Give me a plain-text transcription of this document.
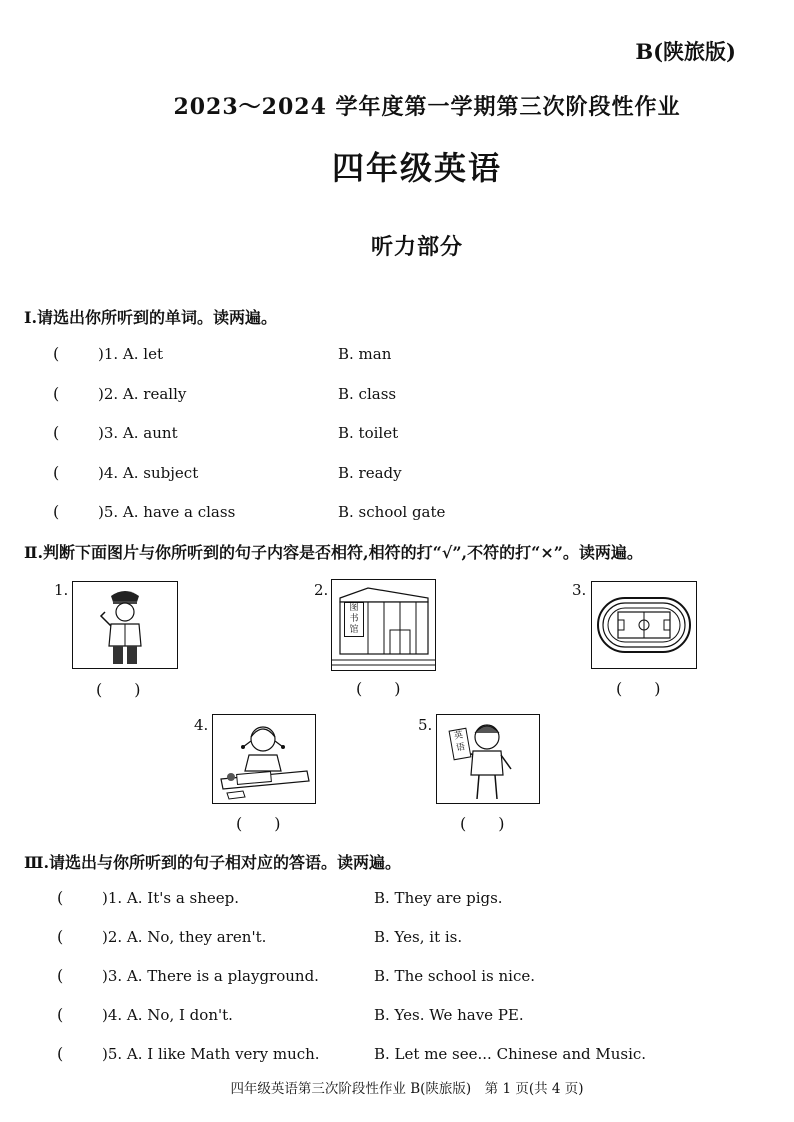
B(陕旅版)
2023～2024 学年度第一学期第三次阶段性作业
四年级英语
听力部分
Ⅰ.请选出你所听到的单词。读两遍。
(	)1. A. let	B. man
(	)2. A. really	B. class
(	)3. A. aunt	B. toilet
(	)4. A. subject	B. ready
(	)5. A. have a class	B. school gate
Ⅱ.判断下面图片与你所听到的句子内容是否相符,相符的打“√”,不符的打“×”。读两遍。
1.
(　　)
2.
图
书
馆
(　　)
3.
(　　)
4.
(　　)
5.
英
语
(　　)
Ⅲ.请选出与你所听到的句子相对应的答语。读两遍。
(	)1. A. It's a sheep.	B. They are pigs.
(	)2. A. No, they aren't.	B. Yes, it is.
(	)3. A. There is a playground.	B. The school is nice.
(	)4. A. No, I don't.	B. Yes. We have PE.
(	)5. A. I like Math very much.	B. Let me see... Chinese and Music.
四年级英语第三次阶段性作业 B(陕旅版)　第 1 页(共 4 页)
